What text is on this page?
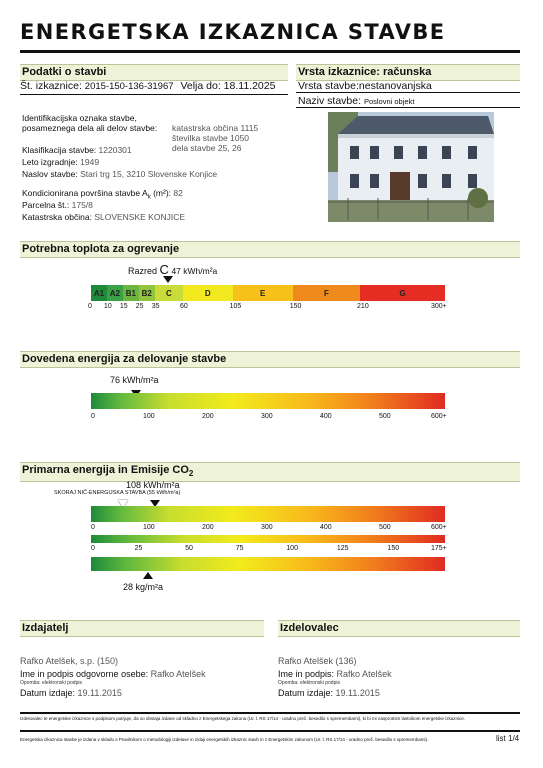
ENERGETSKA IZKAZNICA STAVBE
Podatki o stavbi	Vrsta izkaznice: računska
Št. izkaznice: 2015-150-136-31967 Velja do: 18.11.2025 Vrsta stavbe:nestanovanjska
Naziv stavbe: Poslovni objekt
Identifikacijska oznaka stavbe,
posameznega dela ali delov stavbe: katastrska občina 1115
številka stavbe 1050
dela stavbe 25, 26
Klasifikacija stavbe: 1220301
Leto izgradnje: 1949
Naslov stavbe: Stari trg 15, 3210 Slovenske Konjice
Kondicionirana površina stavbe $A_k$ (m²): 82
Parcelna št.: 175/8
Katastrska občina: SLOVENSKE KONJICE
Potrebna toplota za ogrevanje
Razred C 47 kWh/m²a
A1 A2 B1 B2	C	D	E	F	G
0 10 15 25 35	60	105	150	210	300+
Dovedena energija za delovanje stavbe
76 kWh/m²a
0	100	200	300	400	500	600+
Primarna energija in Emisije $CO_2$
108 kWh/m²a
SKORAJ NIČ-ENERGIJSKA STAVBA (55 kWh/m²a)
0	100	200	300	400	500	600+
0	25	50	75	100	125	150	175+
28 kg/m²a
Izdajatelj	Izdelovalec
Rafko Atelšek, s.p. (150)
Ime in podpis odgovorne osebe: Rafko Atelšek
Opomba: elektronski podpis
Datum izdaje: 19.11.2015
Rafko Atelšek (136)
Ime in podpis: Rafko Atelšek
Opomba: elektronski podpis
Datum izdaje: 19.11.2015
Izdelovalec te energetske izkaznice s podpisom potrjuje, da so obstaja izdane od skladno z Energetskega zakona (Ur. l. RS 17/14 - uradno preč. besedilo s spremembami), ki bi mi nasprotnim lastnikom energetske izkaznice.
Energetska izkaznica stavbe je izdana v skladu s Pravilnikom o metodologiji izdelave in izdaji energetskih izkaznic stavb in z Energetskim zakonom (Ur. l. RS 17/14 - uradno preč. besedilo s spremembami).	list 1/4
